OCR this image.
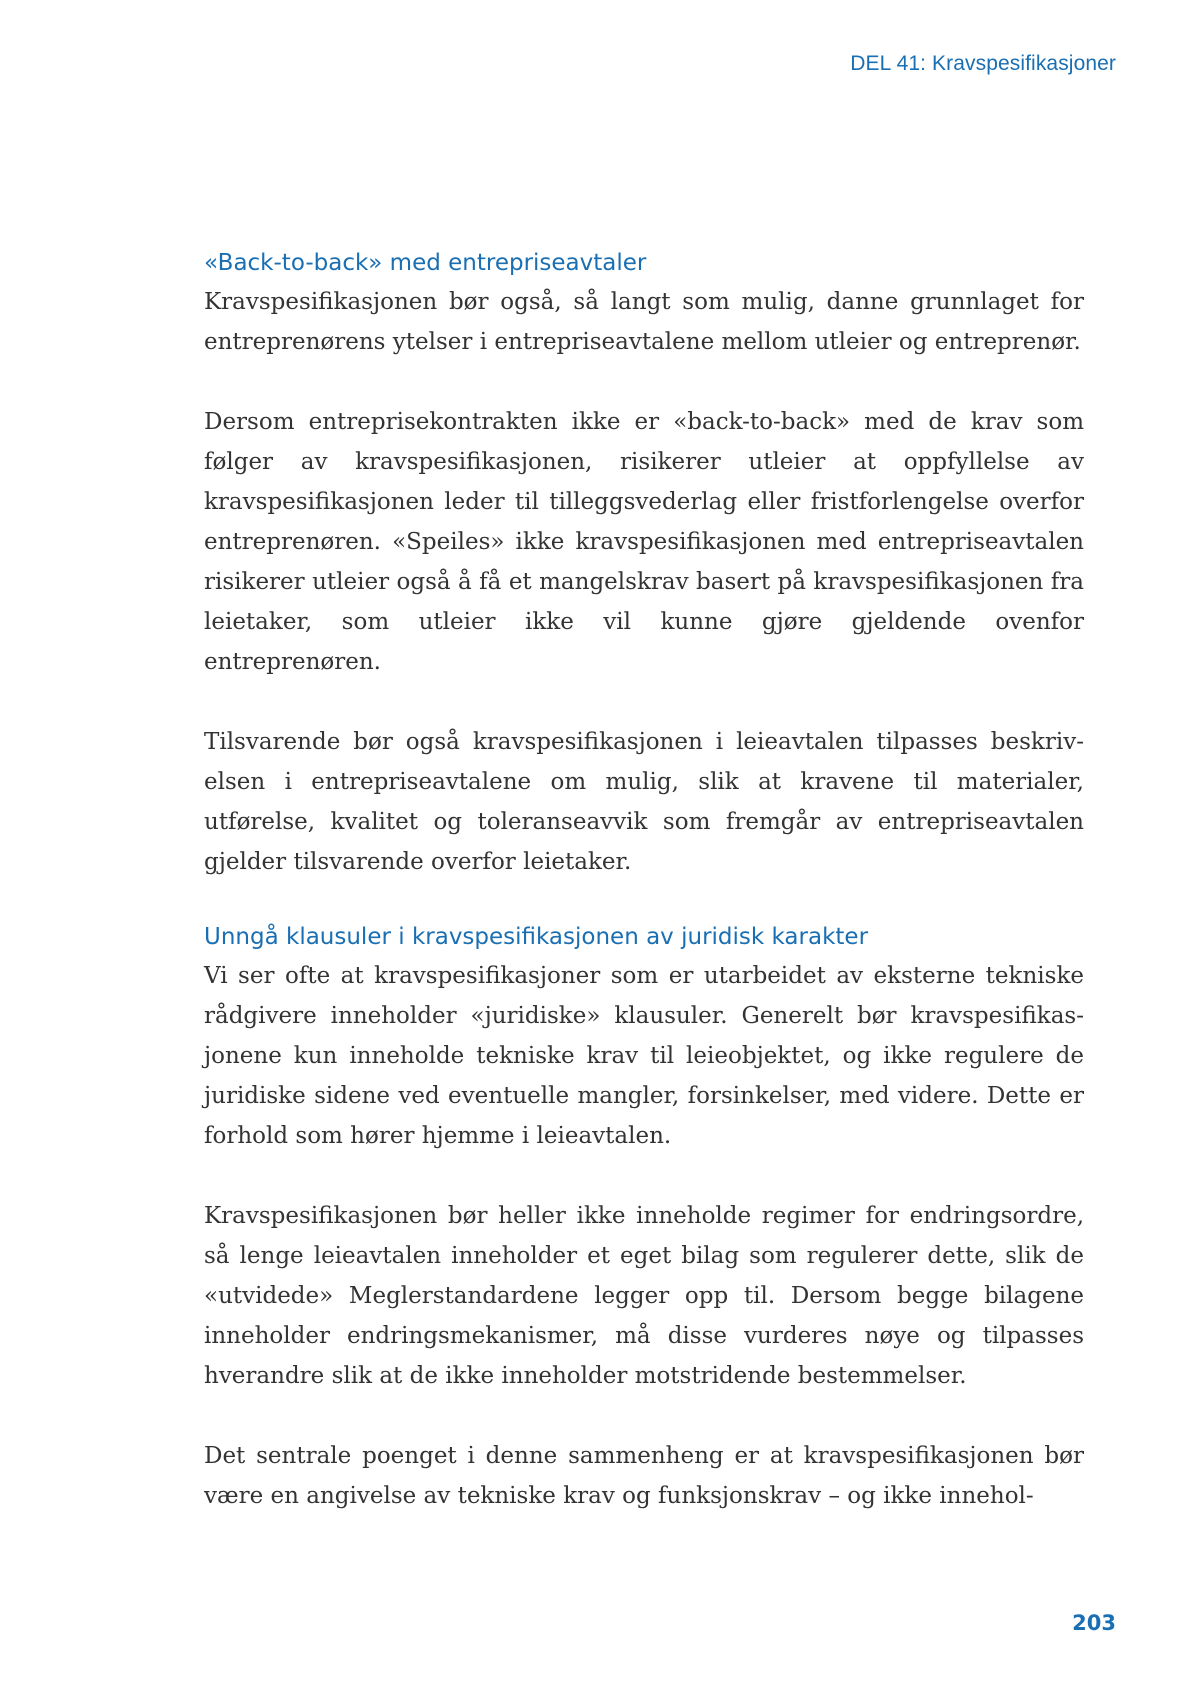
DEL 41: Kravspesifikasjoner
«Back-to-back» med entrepriseavtaler

Kravspesifikasjonen bør også, så langt som mulig, danne grunnlaget for entreprenørens ytelser i entrepriseavtalene mellom utleier og entreprenør.

Dersom entreprisekontrakten ikke er «back-to-back» med de krav som følger av kravspesifikasjonen, risikerer utleier at oppfyllelse av kravspesifikasjonen leder til tilleggsvederlag eller fristforlengelse overfor entreprenøren. «Speiles» ikke kravspesifikasjonen med entrepriseavtalen risikerer utleier også å få et mangelskrav basert på kravspesifikasjonen fra leietaker, som utleier ikke vil kunne gjøre gjeldende ovenfor entreprenøren.

Tilsvarende bør også kravspesifikasjonen i leieavtalen tilpasses beskrivelsen i entrepriseavtalene om mulig, slik at kravene til materialer, utførelse, kvalitet og toleranseavvik som fremgår av entrepriseavtalen gjelder tilsvarende overfor leietaker.

Unngå klausuler i kravspesifikasjonen av juridisk karakter

Vi ser ofte at kravspesifikasjoner som er utarbeidet av eksterne tekniske rådgivere inneholder «juridiske» klausuler. Generelt bør kravspesifikasjonene kun inneholde tekniske krav til leieobjektet, og ikke regulere de juridiske sidene ved eventuelle mangler, forsinkelser, med videre. Dette er forhold som hører hjemme i leieavtalen.

Kravspesifikasjonen bør heller ikke inneholde regimer for endringsordre, så lenge leieavtalen inneholder et eget bilag som regulerer dette, slik de «utvidede» Meglerstandardene legger opp til. Dersom begge bilagene inneholder endringsmekanismer, må disse vurderes nøye og tilpasses hverandre slik at de ikke inneholder motstridende bestemmelser.

Det sentrale poenget i denne sammenheng er at kravspesifikasjonen bør være en angivelse av tekniske krav og funksjonskrav – og ikke innehol-

203
